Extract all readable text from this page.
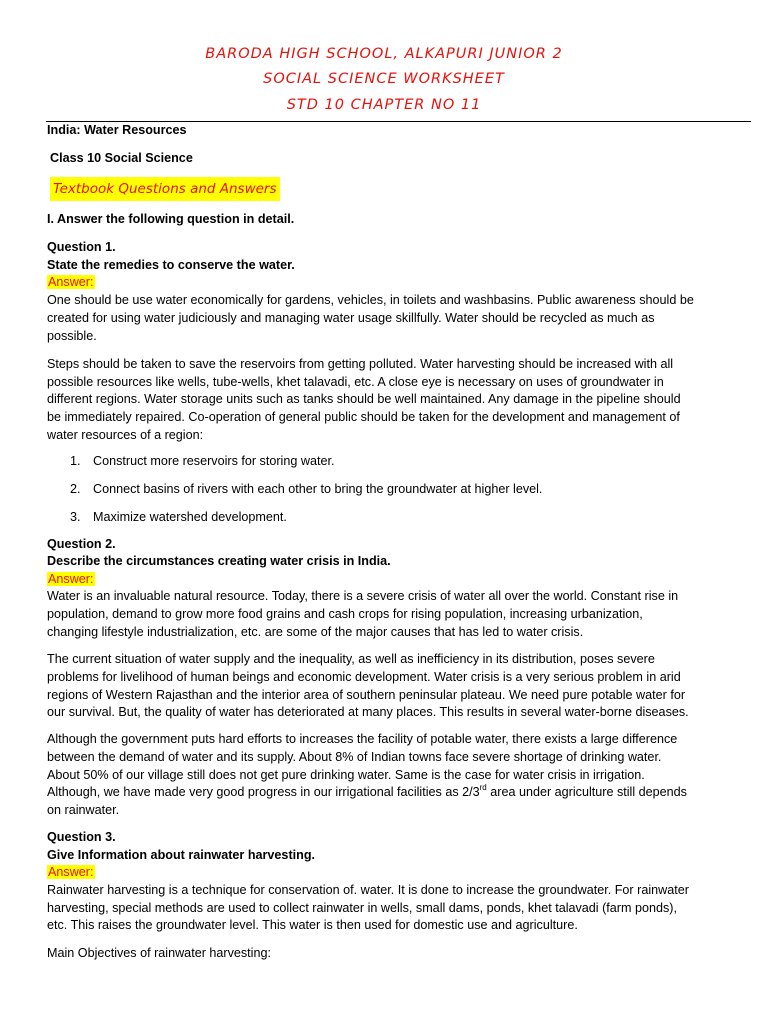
BARODA HIGH SCHOOL, ALKAPURI JUNIOR 2
SOCIAL SCIENCE WORKSHEET
STD 10 CHAPTER NO 11
India: Water Resources
Class 10 Social Science
Textbook Questions and Answers
I. Answer the following question in detail.
Question 1.
State the remedies to conserve the water.
Answer:
One should be use water economically for gardens, vehicles, in toilets and washbasins. Public awareness should be
created for using water judiciously and managing water usage skillfully. Water should be recycled as much as
possible.
Steps should be taken to save the reservoirs from getting polluted. Water harvesting should be increased with all
possible resources like wells, tube-wells, khet talavadi, etc. A close eye is necessary on uses of groundwater in
different regions. Water storage units such as tanks should be well maintained. Any damage in the pipeline should
be immediately repaired. Co-operation of general public should be taken for the development and management of
water resources of a region:
1. Construct more reservoirs for storing water.
2. Connect basins of rivers with each other to bring the groundwater at higher level.
3. Maximize watershed development.
Question 2.
Describe the circumstances creating water crisis in India.
Answer:
Water is an invaluable natural resource. Today, there is a severe crisis of water all over the world. Constant rise in
population, demand to grow more food grains and cash crops for rising population, increasing urbanization,
changing lifestyle industrialization, etc. are some of the major causes that has led to water crisis.
The current situation of water supply and the inequality, as well as inefficiency in its distribution, poses severe
problems for livelihood of human beings and economic development. Water crisis is a very serious problem in arid
regions of Western Rajasthan and the interior area of southern peninsular plateau. We need pure potable water for
our survival. But, the quality of water has deteriorated at many places. This results in several water-borne diseases.
Although the government puts hard efforts to increases the facility of potable water, there exists a large difference
between the demand of water and its supply. About 8% of Indian towns face severe shortage of drinking water.
About 50% of our village still does not get pure drinking water. Same is the case for water crisis in irrigation.
Although, we have made very good progress in our irrigational facilities as 2/3rd area under agriculture still depends
on rainwater.
Question 3.
Give Information about rainwater harvesting.
Answer:
Rainwater harvesting is a technique for conservation of. water. It is done to increase the groundwater. For rainwater
harvesting, special methods are used to collect rainwater in wells, small dams, ponds, khet talavadi (farm ponds),
etc. This raises the groundwater level. This water is then used for domestic use and agriculture.
Main Objectives of rainwater harvesting:
